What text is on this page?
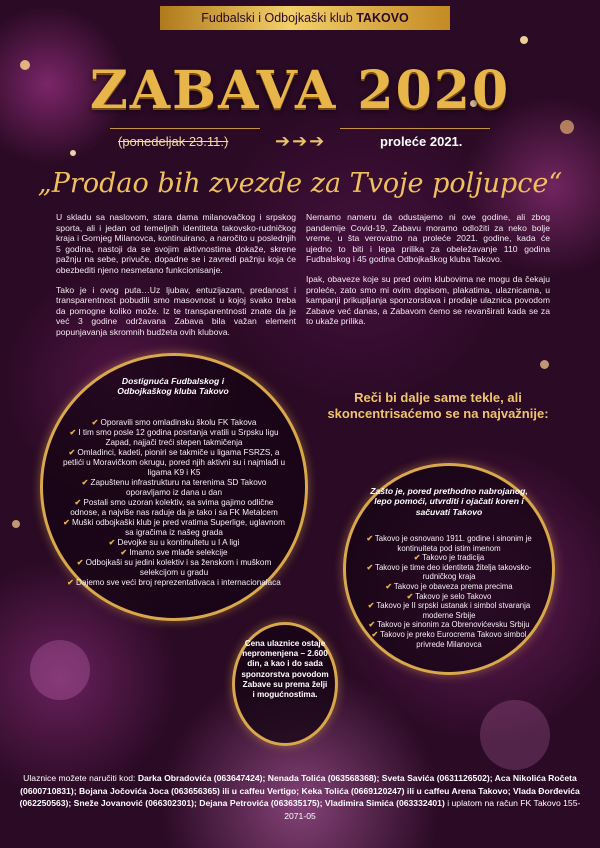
Fudbalski i Odbojkaški klub TAKOVO
ZABAVA 2020
(ponedeljak 23.11.)	➔➔➔	proleće 2021.
„Prodao bih zvezde za Tvoje poljupce“

U skladu sa naslovom, stara dama milanovačkog i srpskog sporta, ali i jedan od temeljnih identiteta takovsko-rudničkog kraja i Gornjeg Milanovca, kontinuirano, a naročito u poslednjih 5 godina, nastoji da se svojim aktivnostima dokaže, skrene pažnju na sebe, privuče, dopadne se i zavredi pažnju koja će obezbediti njeno nesmetano funkcionisanje.

Tako je i ovog puta…Uz ljubav, entuzijazam, predanost i transparentnost pobudili smo masovnost u kojoj svako treba da pomogne koliko može. Iz te transparentnosti znate da je već 3 godine održavana Zabava bila važan element popunjavanja skromnih budžeta ovih klubova.

Nemamo nameru da odustajemo ni ove godine, ali zbog pandemije Covid-19, Zabavu moramo odložiti za neko bolje vreme, u šta verovatno na proleće 2021. godine, kada će ujedno to biti i lepa prilika za obeležavanje 110 godina Fudbalskog i 45 godina Odbojkaškog kluba Takovo.

Ipak, obaveze koje su pred ovim klubovima ne mogu da čekaju proleće, zato smo mi ovim dopisom, plakatima, ulaznicama, u kampanji prikupljanja sponzorstava i prodaje ulaznica povodom Zabave već danas, a Zabavom ćemo se revanširati kada se za to ukaže prilika.

Dostignuća Fudbalskog i Odbojkaškog kluba Takovo
✔ Oporavili smo omladinsku školu FK Takova
✔ I tim smo posle 12 godina posrtanja vratili u Srpsku ligu Zapad, najjači treći stepen takmičenja
✔ Omladinci, kadeti, pioniri se takmiče u ligama FSRZS, a petlići u Moravičkom okrugu, pored njih aktivni su i najmlađi u ligama K9 i K5
✔ Zapuštenu infrastrukturu na terenima SD Takovo oporavljamo iz dana u dan
✔ Postali smo uzoran kolektiv, sa svima gajimo odlične odnose, a najviše nas raduje da je tako i sa FK Metalcem
✔ Muški odbojkaški klub je pred vratima Superlige, uglavnom sa igračima iz našeg grada
✔ Devojke su u kontinuitetu u I A ligi
✔ Imamo sve mlađe selekcije
✔ Odbojkaši su jedini kolektiv i sa ženskom i muškom selekcijom u gradu
✔ Dajemo sve veći broj reprezentativaca i internacionalaca
Reči bi dalje same tekle, ali skoncentrisaćemo se na najvažnije:
Zašto je, pored prethodno nabrojanog, lepo pomoći, utvrditi i ojačati koren i sačuvati Takovo
✔ Takovo je osnovano 1911. godine i sinonim je kontinuiteta pod istim imenom
✔ Takovo je tradicija
✔ Takovo je time deo identiteta žitelja takovsko-rudničkog kraja
✔ Takovo je obaveza prema precima
✔ Takovo je selo Takovo
✔ Takovo je II srpski ustanak i simbol stvaranja moderne Srbije
✔ Takovo je sinonim za Obrenovićevsku Srbiju
✔ Takovo je preko Eurocrema Takovo simbol privrede Milanovca
Cena ulaznice ostaje nepromenjena – 2.600 din, a kao i do sada sponzorstva povodom Zabave su prema želji i mogućnostima.
Ulaznice možete naručiti kod: Darka Obradovića (063647424); Nenada Tolića (063568368); Sveta Savića (0631126502); Aca Nikolića Ročeta (0600710831); Bojana Jočovića Joca (063656365) ili u caffeu Vertigo; Keka Tolića (0669120247) ili u caffeu Arena Takovo; Vlada Đorđevića (062250563); Sneže Jovanović (066302301); Dejana Petrovića (063635175); Vladimira Simića (063332401) i uplatom na račun FK Takovo 155-2071-05
